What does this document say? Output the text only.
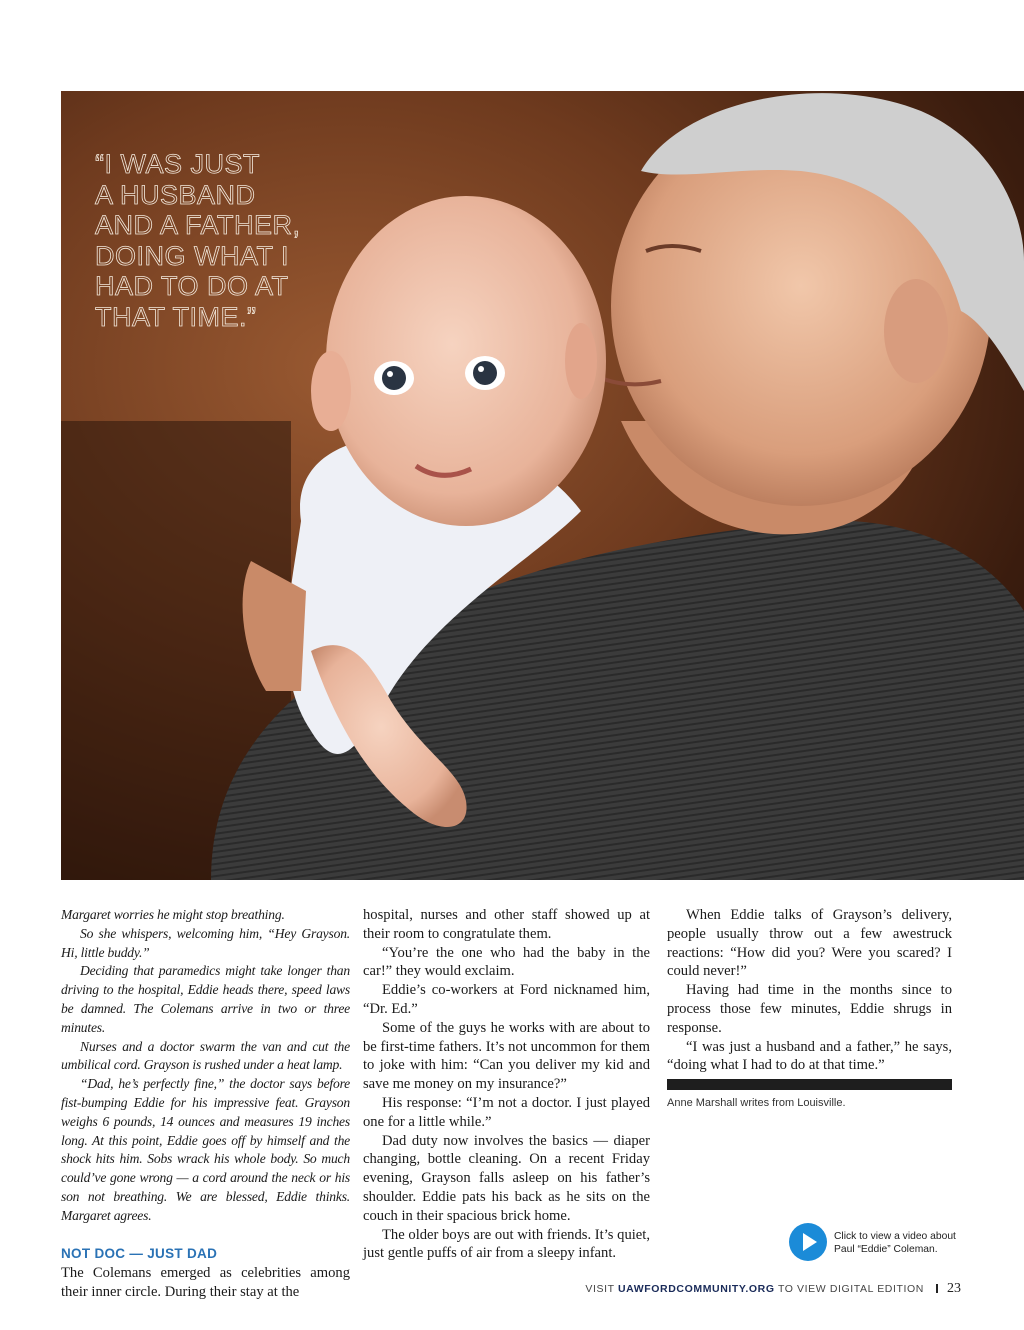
“I WAS JUST
A HUSBAND
AND A FATHER,
DOING WHAT I
HAD TO DO AT
THAT TIME.”

Margaret worries he might stop breathing.

So she whispers, welcoming him, “Hey Grayson. Hi, little buddy.”

Deciding that paramedics might take longer than driving to the hospital, Eddie heads there, speed laws be damned. The Colemans arrive in two or three minutes.

Nurses and a doctor swarm the van and cut the umbilical cord. Grayson is rushed under a heat lamp.

“Dad, he’s perfectly fine,” the doctor says before fist-bumping Eddie for his impressive feat. Grayson weighs 6 pounds, 14 ounces and measures 19 inches long. At this point, Eddie goes off by himself and the shock hits him. Sobs wrack his whole body. So much could’ve gone wrong — a cord around the neck or his son not breathing. We are blessed, Eddie thinks. Margaret agrees.

NOT DOC — JUST DAD

The Colemans emerged as celebrities among their inner circle. During their stay at the

hospital, nurses and other staff showed up at their room to congratulate them.

“You’re the one who had the baby in the car!” they would exclaim.

Eddie’s co-workers at Ford nicknamed him, “Dr. Ed.”

Some of the guys he works with are about to be first-time fathers. It’s not uncommon for them to joke with him: “Can you deliver my kid and save me money on my insurance?”

His response: “I’m not a doctor. I just played one for a little while.”

Dad duty now involves the basics — diaper changing, bottle cleaning. On a recent Friday evening, Grayson falls asleep on his father’s shoulder. Eddie pats his back as he sits on the couch in their spacious brick home.

The older boys are out with friends. It’s quiet, just gentle puffs of air from a sleepy infant.

When Eddie talks of Grayson’s delivery, people usually throw out a few awestruck reactions: “How did you? Were you scared? I could never!”

Having had time in the months since to process those few minutes, Eddie shrugs in response.

“I was just a husband and a father,” he says, “doing what I had to do at that time.”

Anne Marshall writes from Louisville.
Click to view a video about
Paul “Eddie” Coleman.
VISIT UAWFORDCOMMUNITY.ORG TO VIEW DIGITAL EDITION 23
